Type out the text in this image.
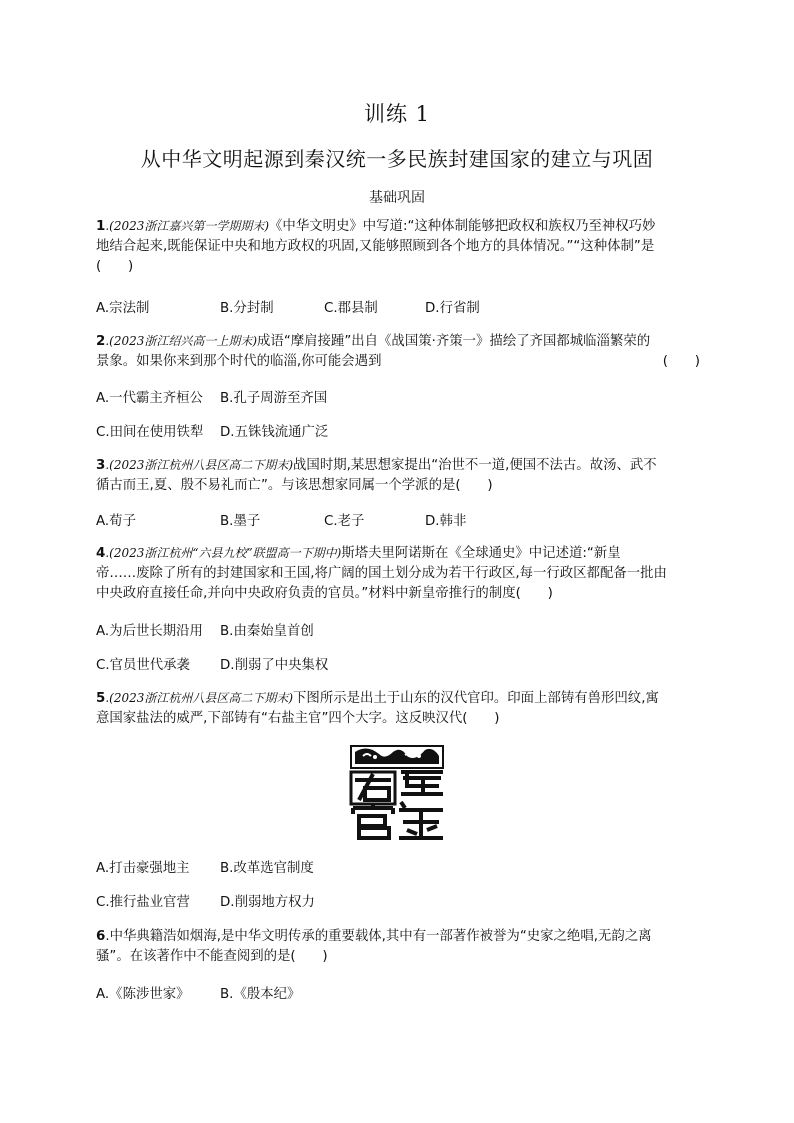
训练 1
从中华文明起源到秦汉统一多民族封建国家的建立与巩固
基础巩固
1.(2023浙江嘉兴第一学期期末)《中华文明史》中写道:“这种体制能够把政权和族权乃至神权巧妙
地结合起来,既能保证中央和地方政权的巩固,又能够照顾到各个地方的具体情况。”“这种体制”是
(　　)
A.宗法制	B.分封制	C.郡县制	D.行省制
2.(2023浙江绍兴高一上期末)成语“摩肩接踵”出自《战国策·齐策一》描绘了齐国都城临淄繁荣的
景象。如果你来到那个时代的临淄,你可能会遇到	(　　)
A.一代霸主齐桓公 B.孔子周游至齐国
C.田间在使用铁犁 D.五铢钱流通广泛
3.(2023浙江杭州八县区高二下期末)战国时期,某思想家提出“治世不一道,便国不法古。故汤、武不
循古而王,夏、殷不易礼而亡”。与该思想家同属一个学派的是(　　)
A.荀子	B.墨子	C.老子	D.韩非
4.(2023浙江杭州“六县九校”联盟高一下期中)斯塔夫里阿诺斯在《全球通史》中记述道:“新皇
帝……废除了所有的封建国家和王国,将广阔的国土划分成为若干行政区,每一行政区都配备一批由
中央政府直接任命,并向中央政府负责的官员。”材料中新皇帝推行的制度(　　)
A.为后世长期沿用 B.由秦始皇首创
C.官员世代承袭 D.削弱了中央集权
5.(2023浙江杭州八县区高二下期末)下图所示是出土于山东的汉代官印。印面上部铸有兽形凹纹,寓
意国家盐法的威严,下部铸有“右盐主官”四个大字。这反映汉代(　　)
A.打击豪强地主 B.改革选官制度
C.推行盐业官营 D.削弱地方权力
6.中华典籍浩如烟海,是中华文明传承的重要载体,其中有一部著作被誉为“史家之绝唱,无韵之离
骚”。在该著作中不能查阅到的是(　　)
A.《陈涉世家》 B.《殷本纪》
